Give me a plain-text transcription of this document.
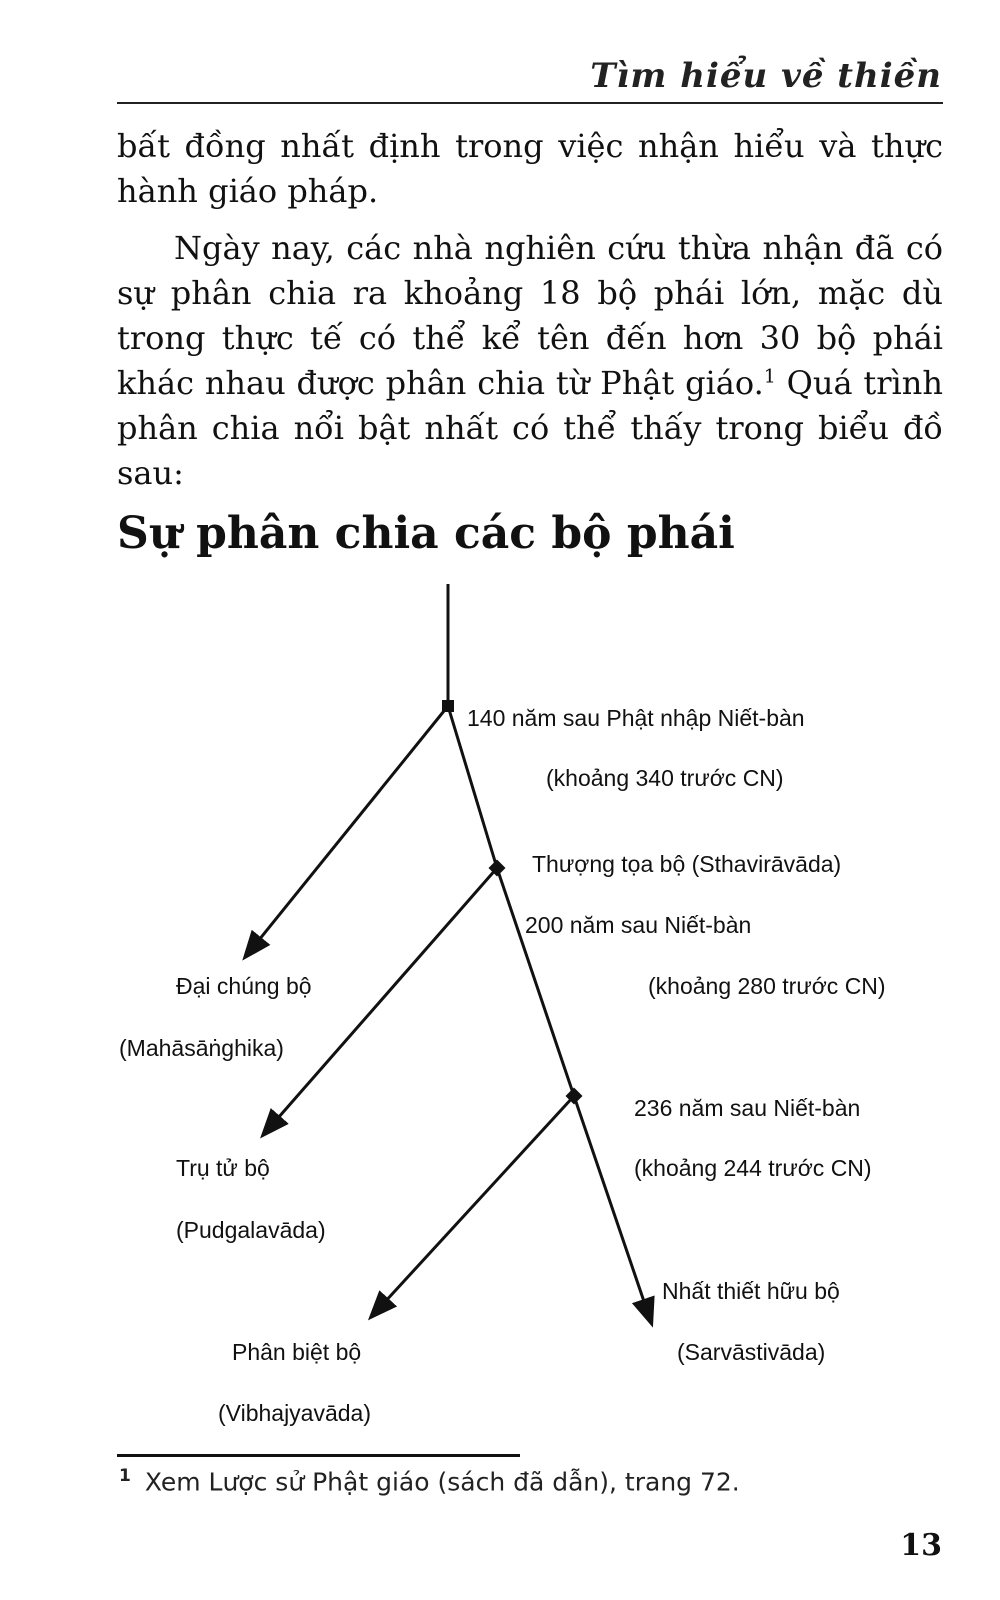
Tìm hiểu về thiền

bất đồng nhất định trong việc nhận hiểu và thực hành giáo pháp.

Ngày nay, các nhà nghiên cứu thừa nhận đã có sự phân chia ra khoảng 18 bộ phái lớn, mặc dù trong thực tế có thể kể tên đến hơn 30 bộ phái khác nhau được phân chia từ Phật giáo.$^1$ Quá trình phân chia nổi bật nhất có thể thấy trong biểu đồ sau:

Sự phân chia các bộ phái
140 năm sau Phật nhập Niết-bàn
(khoảng 340 trước CN)
Thượng tọa bộ (Sthavirāvāda)
200 năm sau Niết-bàn
(khoảng 280 trước CN)
Đại chúng bộ
(Mahāsāṅghika)
236 năm sau Niết-bàn
(khoảng 244 trước CN)
Trụ tử bộ
(Pudgalavāda)
Nhất thiết hữu bộ
(Sarvāstivāda)
Phân biệt bộ
(Vibhajyavāda)
$^1$ Xem Lược sử Phật giáo (sách đã dẫn), trang 72.
13
